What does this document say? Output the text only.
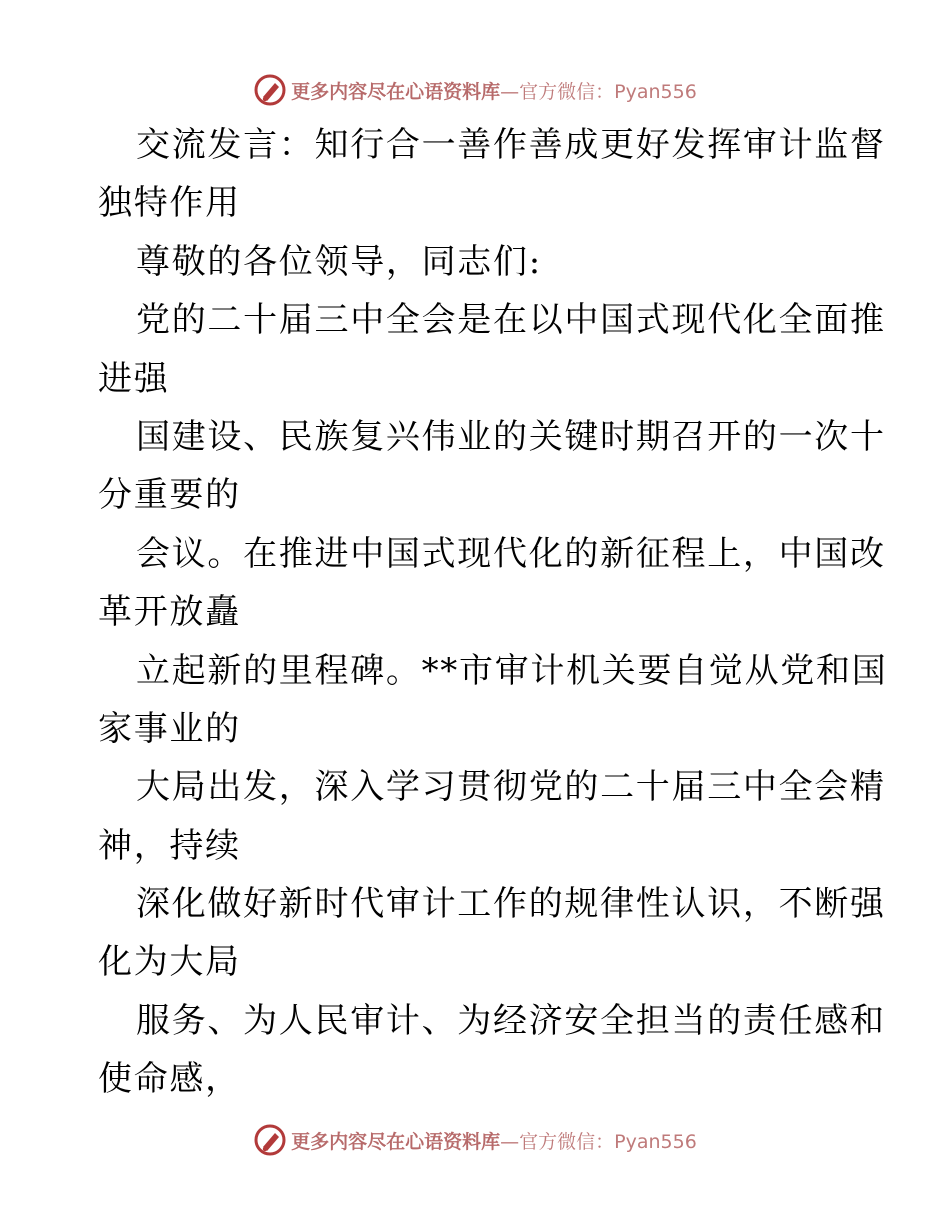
更多内容尽在心语资料库 —官方微信：Pyan556
交流发言：知行合一善作善成更好发挥审计监督
独特作用
尊敬的各位领导，同志们:
党的二十届三中全会是在以中国式现代化全面推
进强
国建设、民族复兴伟业的关键时期召开的一次十
分重要的
会议。在推进中国式现代化的新征程上，中国改
革开放矗
立起新的里程碑。**市审计机关要自觉从党和国
家事业的
大局出发，深入学习贯彻党的二十届三中全会精
神，持续
深化做好新时代审计工作的规律性认识，不断强
化为大局
服务、为人民审计、为经济安全担当的责任感和
使命感，
更多内容尽在心语资料库 —官方微信：Pyan556
